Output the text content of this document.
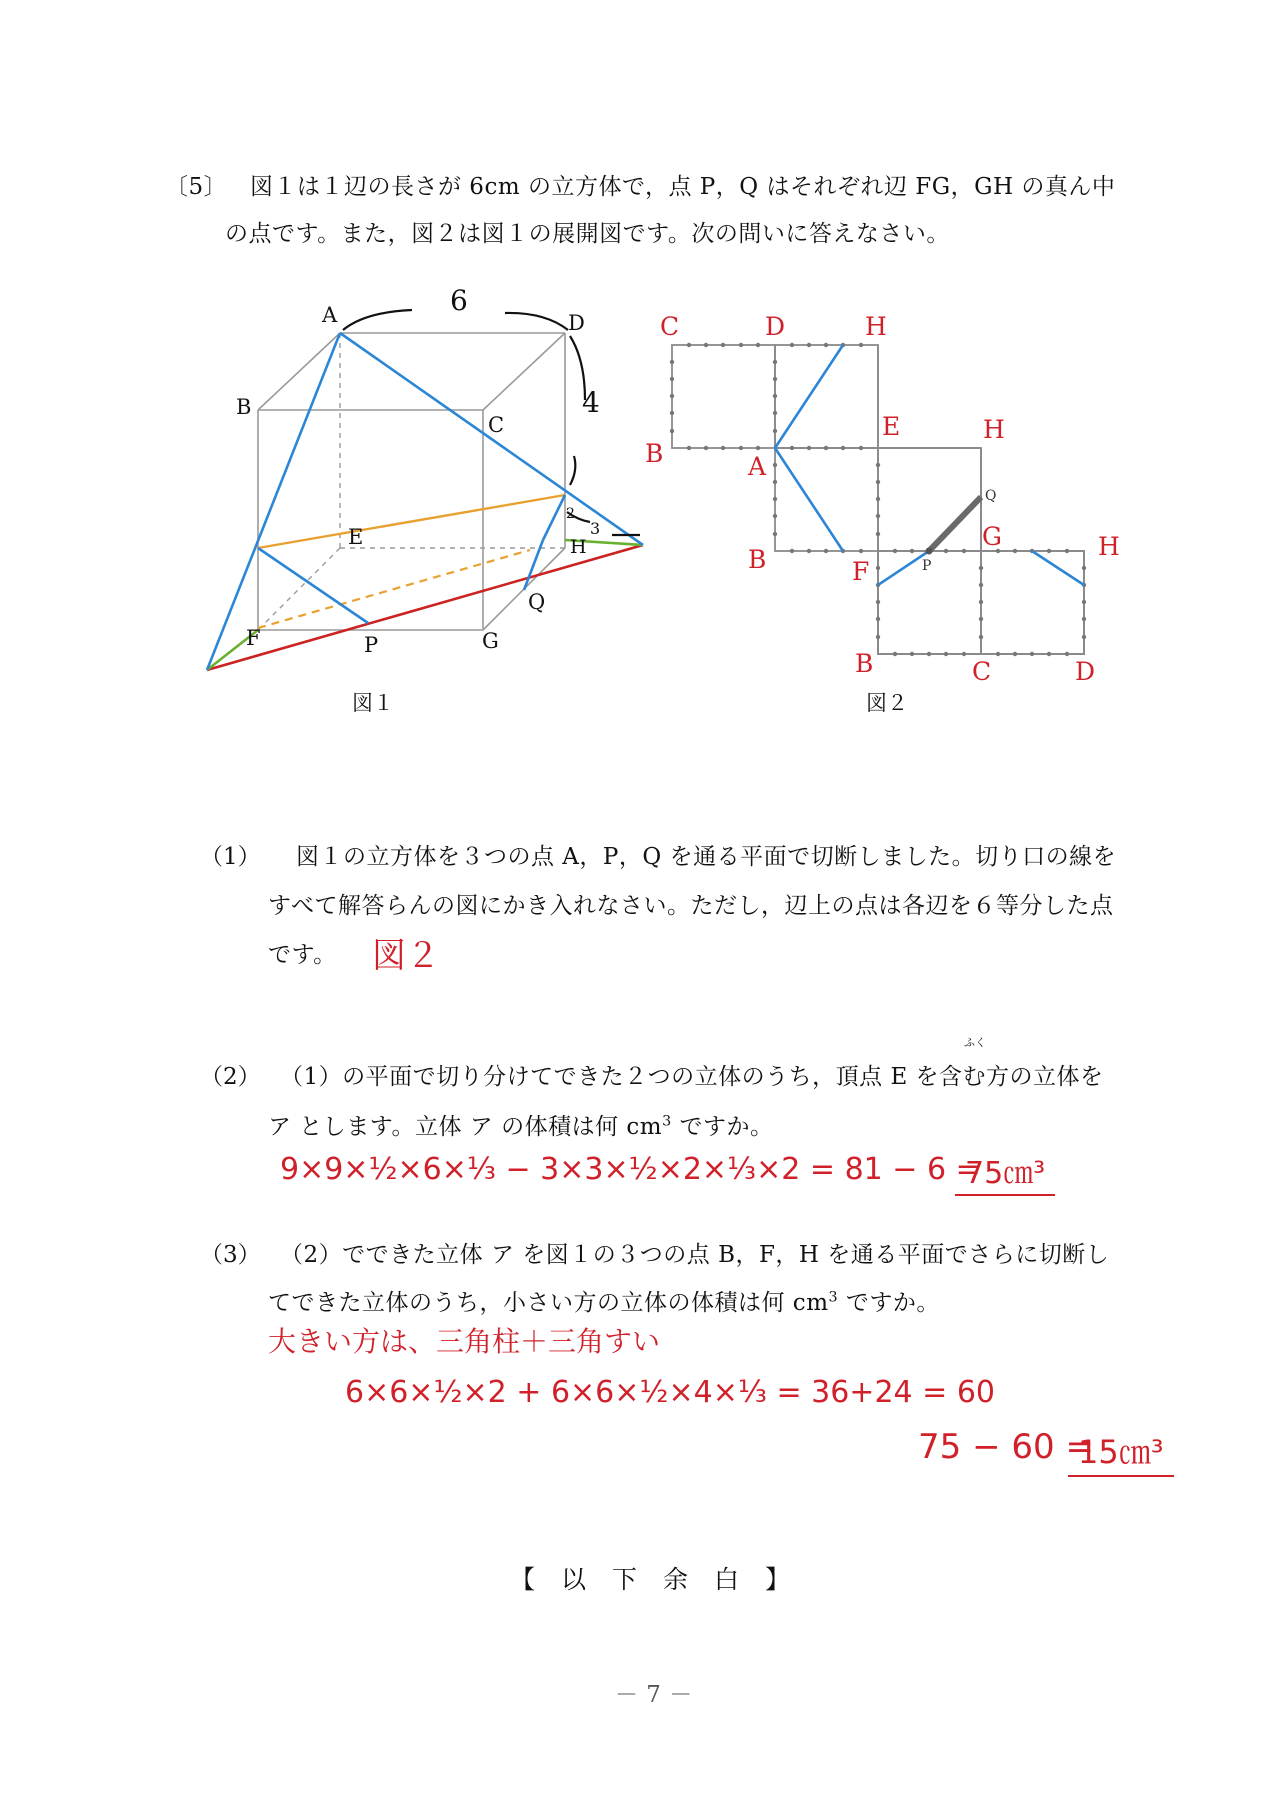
〔5〕 図１は１辺の長さが 6cm の立方体で，点 P，Q はそれぞれ辺 FG，GH の真ん中
の点です。また，図２は図１の展開図です。次の問いに答えなさい。
A	D
B
C
E	H
F	P	G
Q
6
4
2
3
図１
Q
P
C	D	H
B	A
E	H
B	F
G	H
B	C	D
図２
（1） 図１の立方体を３つの点 A，P，Q を通る平面で切断しました。切り口の線を
すべて解答らんの図にかき入れなさい。ただし，辺上の点は各辺を６等分した点
です。 図２
ふく
（2） （1）の平面で切り分けてできた２つの立体のうち，頂点 E を含む方の立体を
ア とします。立体 ア の体積は何 $cm^3$ ですか。
9×9×½×6×⅓ − 3×3×½×2×⅓×2 = 81 − 6 =
75㎝³
（3） （2）でできた立体 ア を図１の３つの点 B，F，H を通る平面でさらに切断し
てできた立体のうち，小さい方の立体の体積は何 $cm^3$ ですか。
大きい方は、三角柱＋三角すい
6×6×½×2 + 6×6×½×4×⅓ = 36+24 = 60
75 − 60 =
15㎝³
【　以　下　余　白　】
－ 7 －
